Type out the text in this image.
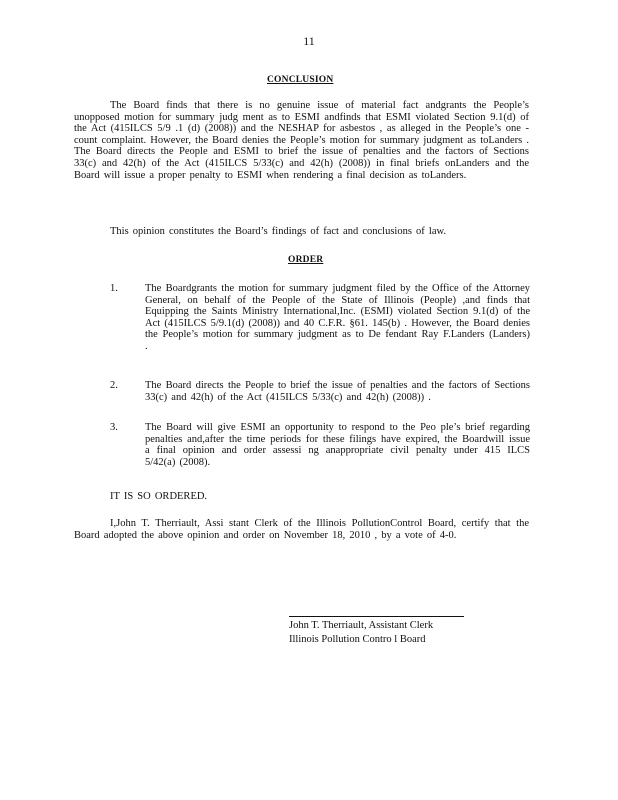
11
CONCLUSION

The Board finds that there is no genuine issue of material fact andgrants the People’s unopposed motion for summary judg ment as to ESMI andfinds that ESMI violated Section 9.1(d) of the Act (415ILCS 5/9 .1 (d) (2008)) and the NESHAP for asbestos , as alleged in the People’s one -count complaint. However, the Board denies the People’s motion for summary judgment as toLanders . The Board directs the People and ESMI to brief the issue of penalties and the factors of Sections 33(c) and 42(h) of the Act (415ILCS 5/33(c) and 42(h) (2008)) in final briefs onLanders and the Board will issue a proper penalty to ESMI when rendering a final decision as toLanders.

This opinion constitutes the Board’s findings of fact and conclusions of law.

ORDER
1.	The Boardgrants the motion for summary judgment filed by the Office of the Attorney General, on behalf of the People of the State of Illinois (People) ,and finds that Equipping the Saints Ministry International,Inc. (ESMI) violated Section 9.1(d) of the Act (415ILCS 5/9.1(d) (2008)) and 40 C.F.R. §61. 145(b) . However, the Board denies the People’s motion for summary judgment as to De fendant Ray F.Landers (Landers) .
2.	The Board directs the People to brief the issue of penalties and the factors of Sections 33(c) and 42(h) of the Act (415ILCS 5/33(c) and 42(h) (2008)) .
3.	The Board will give ESMI an opportunity to respond to the Peo ple’s brief regarding penalties and,after the time periods for these filings have expired, the Boardwill issue a final opinion and order assessi ng anappropriate civil penalty under 415 ILCS 5/42(a) (2008).
IT IS SO ORDERED.

I,John T. Therriault, Assi stant Clerk of the Illinois PollutionControl Board, certify that the Board adopted the above opinion and order on November 18, 2010 , by a vote of 4-0.

John T. Therriault, Assistant Clerk
Illinois Pollution Contro l Board
